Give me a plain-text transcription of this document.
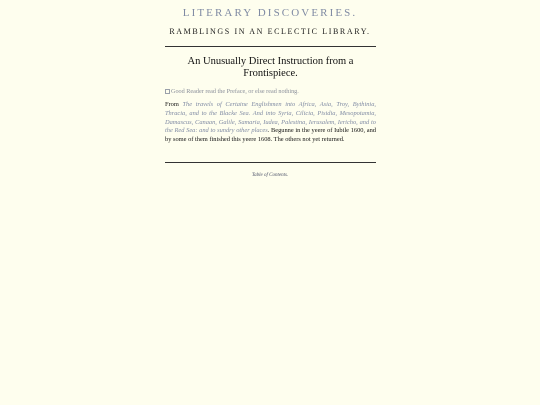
LITERARY DISCOVERIES.
RAMBLINGS IN AN ECLECTIC LIBRARY.
An Unusually Direct Instruction from a Frontispiece.
Good Reader read the Preface, or else read nothing.
From The travels of Certaine Englishmen into Africa, Asia, Troy, Bythinia, Thracia, and to the Blacke Sea. And into Syria, Cilicia, Pisidia, Mesopotamia, Damascus, Canaan, Galile, Samaria, Iudea, Palestina, Ierusalem, Iericho, and to the Red Sea: and to sundry other places. Begunne in the yeere of Iubile 1600, and by some of them finished this yeere 1608. The others not yet returned.
Table of Contents.
